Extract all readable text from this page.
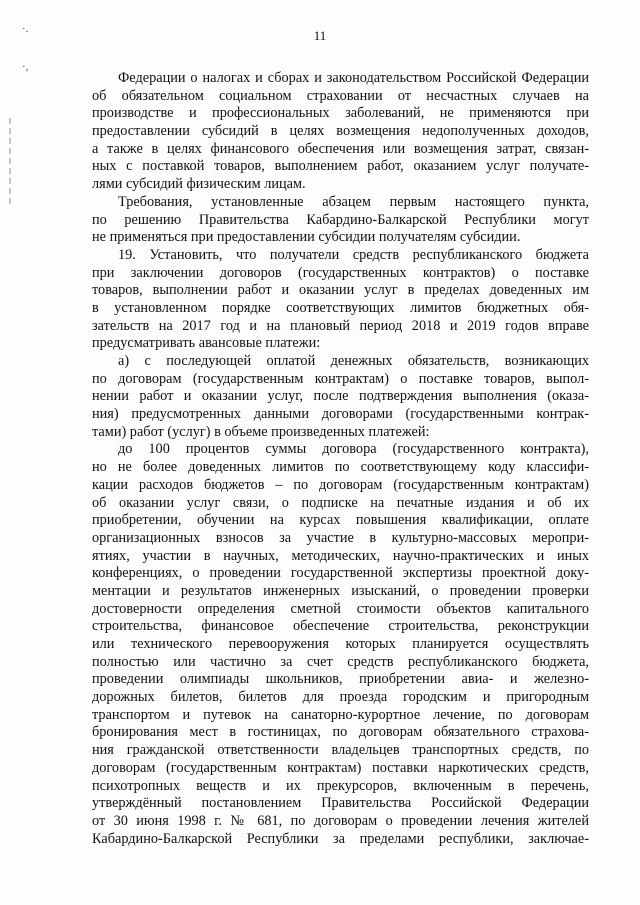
·.
·,
11
Федерации о налогах и сборах и законодательством Российской Федерации
об обязательном социальном страховании от несчастных случаев на
производстве и профессиональных заболеваний, не применяются при
предоставлении субсидий в целях возмещения недополученных доходов,
а также в целях финансового обеспечения или возмещения затрат, связан-
ных с поставкой товаров, выполнением работ, оказанием услуг получате-
лями субсидий физическим лицам.
Требования, установленные абзацем первым настоящего пункта,
по решению Правительства Кабардино-Балкарской Республики могут
не применяться при предоставлении субсидии получателям субсидии.
19. Установить, что получатели средств республиканского бюджета
при заключении договоров (государственных контрактов) о поставке
товаров, выполнении работ и оказании услуг в пределах доведенных им
в установленном порядке соответствующих лимитов бюджетных обя-
зательств на 2017 год и на плановый период 2018 и 2019 годов вправе
предусматривать авансовые платежи:
а) с последующей оплатой денежных обязательств, возникающих
по договорам (государственным контрактам) о поставке товаров, выпол-
нении работ и оказании услуг, после подтверждения выполнения (оказа-
ния) предусмотренных данными договорами (государственными контрак-
тами) работ (услуг) в объеме произведенных платежей:
до 100 процентов суммы договора (государственного контракта),
но не более доведенных лимитов по соответствующему коду классифи-
кации расходов бюджетов – по договорам (государственным контрактам)
об оказании услуг связи, о подписке на печатные издания и об их
приобретении, обучении на курсах повышения квалификации, оплате
организационных взносов за участие в культурно-массовых меропри-
ятиях, участии в научных, методических, научно-практических и иных
конференциях, о проведении государственной экспертизы проектной доку-
ментации и результатов инженерных изысканий, о проведении проверки
достоверности определения сметной стоимости объектов капитального
строительства, финансовое обеспечение строительства, реконструкции
или технического перевооружения которых планируется осуществлять
полностью или частично за счет средств республиканского бюджета,
проведении олимпиады школьников, приобретении авиа- и железно-
дорожных билетов, билетов для проезда городским и пригородным
транспортом и путевок на санаторно-курортное лечение, по договорам
бронирования мест в гостиницах, по договорам обязательного страхова-
ния гражданской ответственности владельцев транспортных средств, по
договорам (государственным контрактам) поставки наркотических средств,
психотропных веществ и их прекурсоров, включенным в перечень,
утверждённый постановлением Правительства Российской Федерации
от 30 июня 1998 г. № 681, по договорам о проведении лечения жителей
Кабардино-Балкарской Республики за пределами республики, заключае-
